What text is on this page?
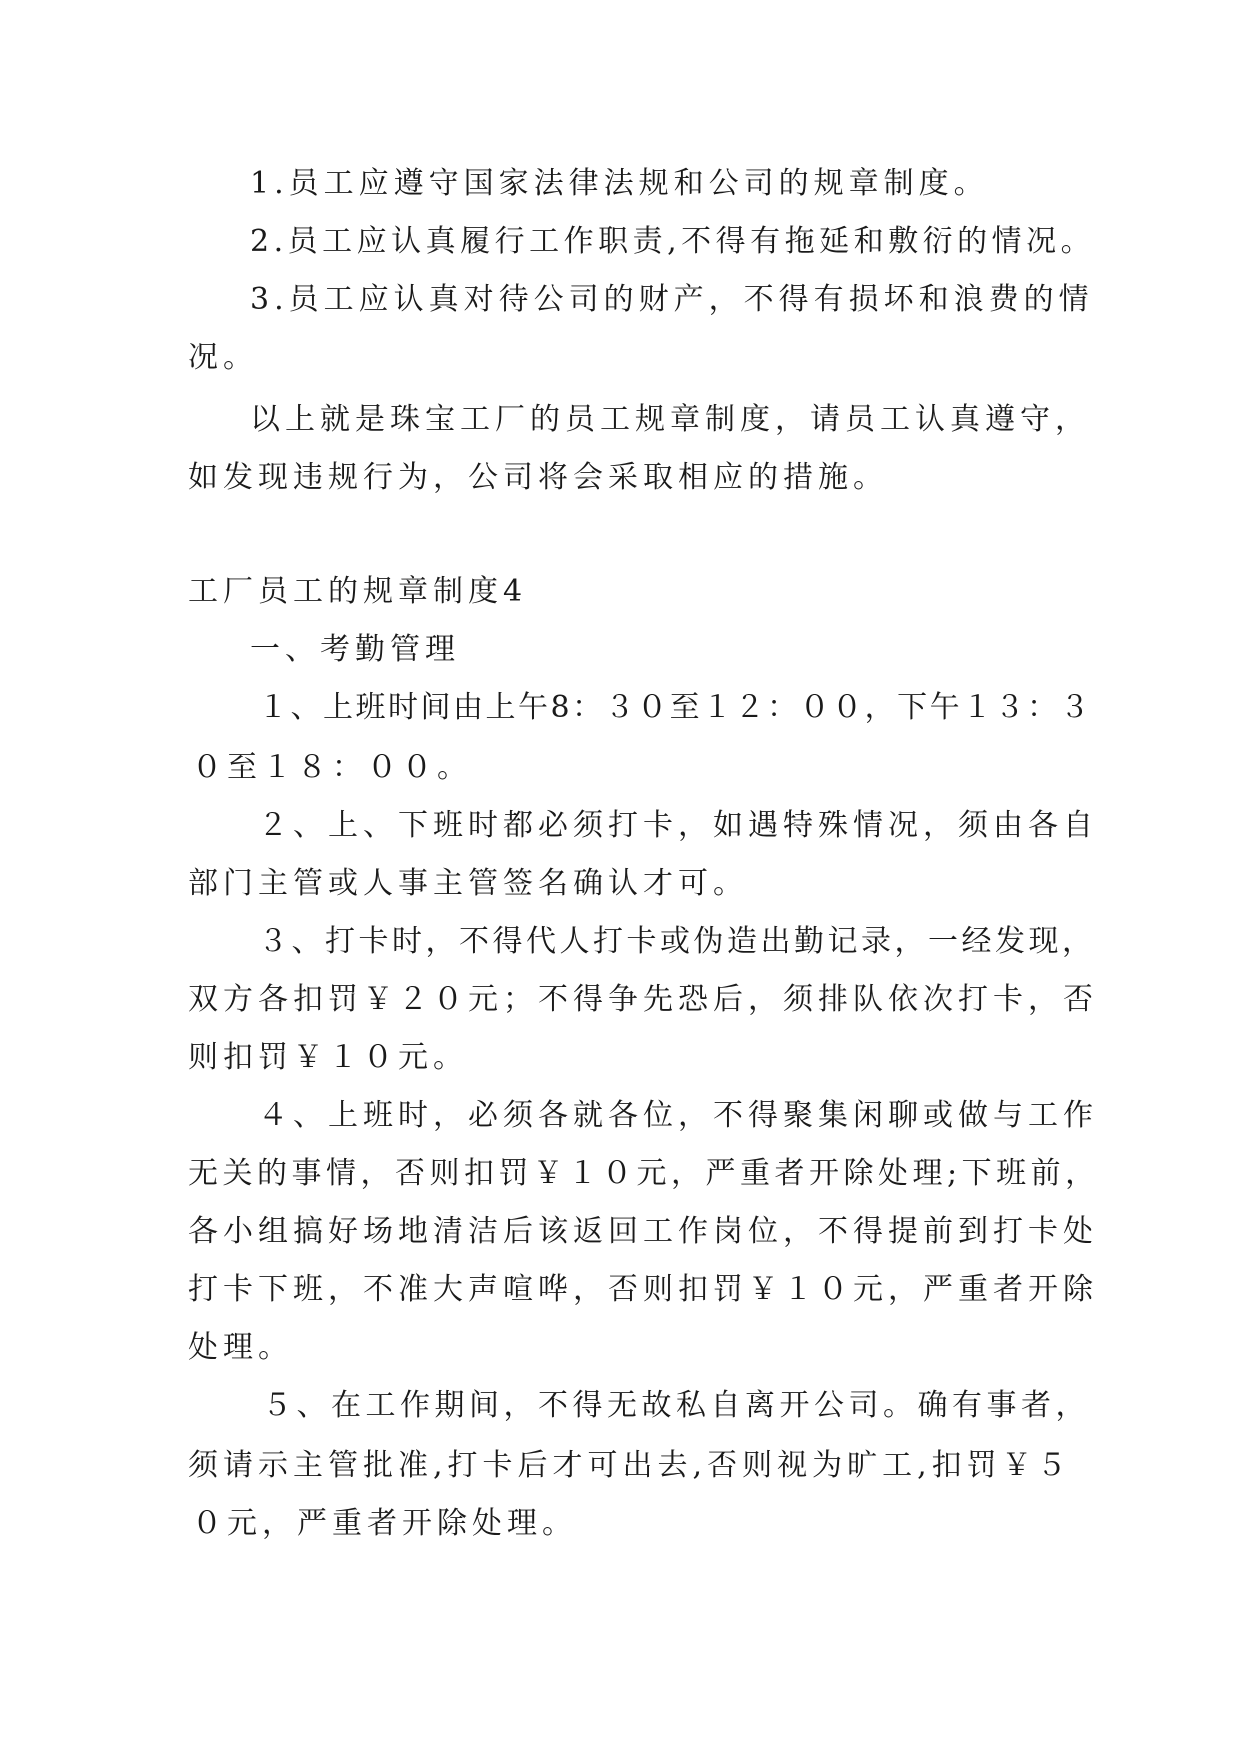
1.员工应遵守国家法律法规和公司的规章制度。
2.员工应认真履行工作职责,不得有拖延和敷衍的情况。
3.员工应认真对待公司的财产，不得有损坏和浪费的情
况。
以上就是珠宝工厂的员工规章制度，请员工认真遵守，
如发现违规行为，公司将会采取相应的措施。
工厂员工的规章制度4
一、考勤管理
１、上班时间由上午8：３０至１２：００，下午１３：３
０至１８：００。
２、上、下班时都必须打卡，如遇特殊情况，须由各自
部门主管或人事主管签名确认才可。
３、打卡时，不得代人打卡或伪造出勤记录，一经发现，
双方各扣罚￥２０元；不得争先恐后，须排队依次打卡，否
则扣罚￥１０元。
４、上班时，必须各就各位，不得聚集闲聊或做与工作
无关的事情，否则扣罚￥１０元，严重者开除处理;下班前，
各小组搞好场地清洁后该返回工作岗位，不得提前到打卡处
打卡下班，不准大声喧哗，否则扣罚￥１０元，严重者开除
处理。
５、在工作期间，不得无故私自离开公司。确有事者，
须请示主管批准,打卡后才可出去,否则视为旷工,扣罚￥５
０元，严重者开除处理。
